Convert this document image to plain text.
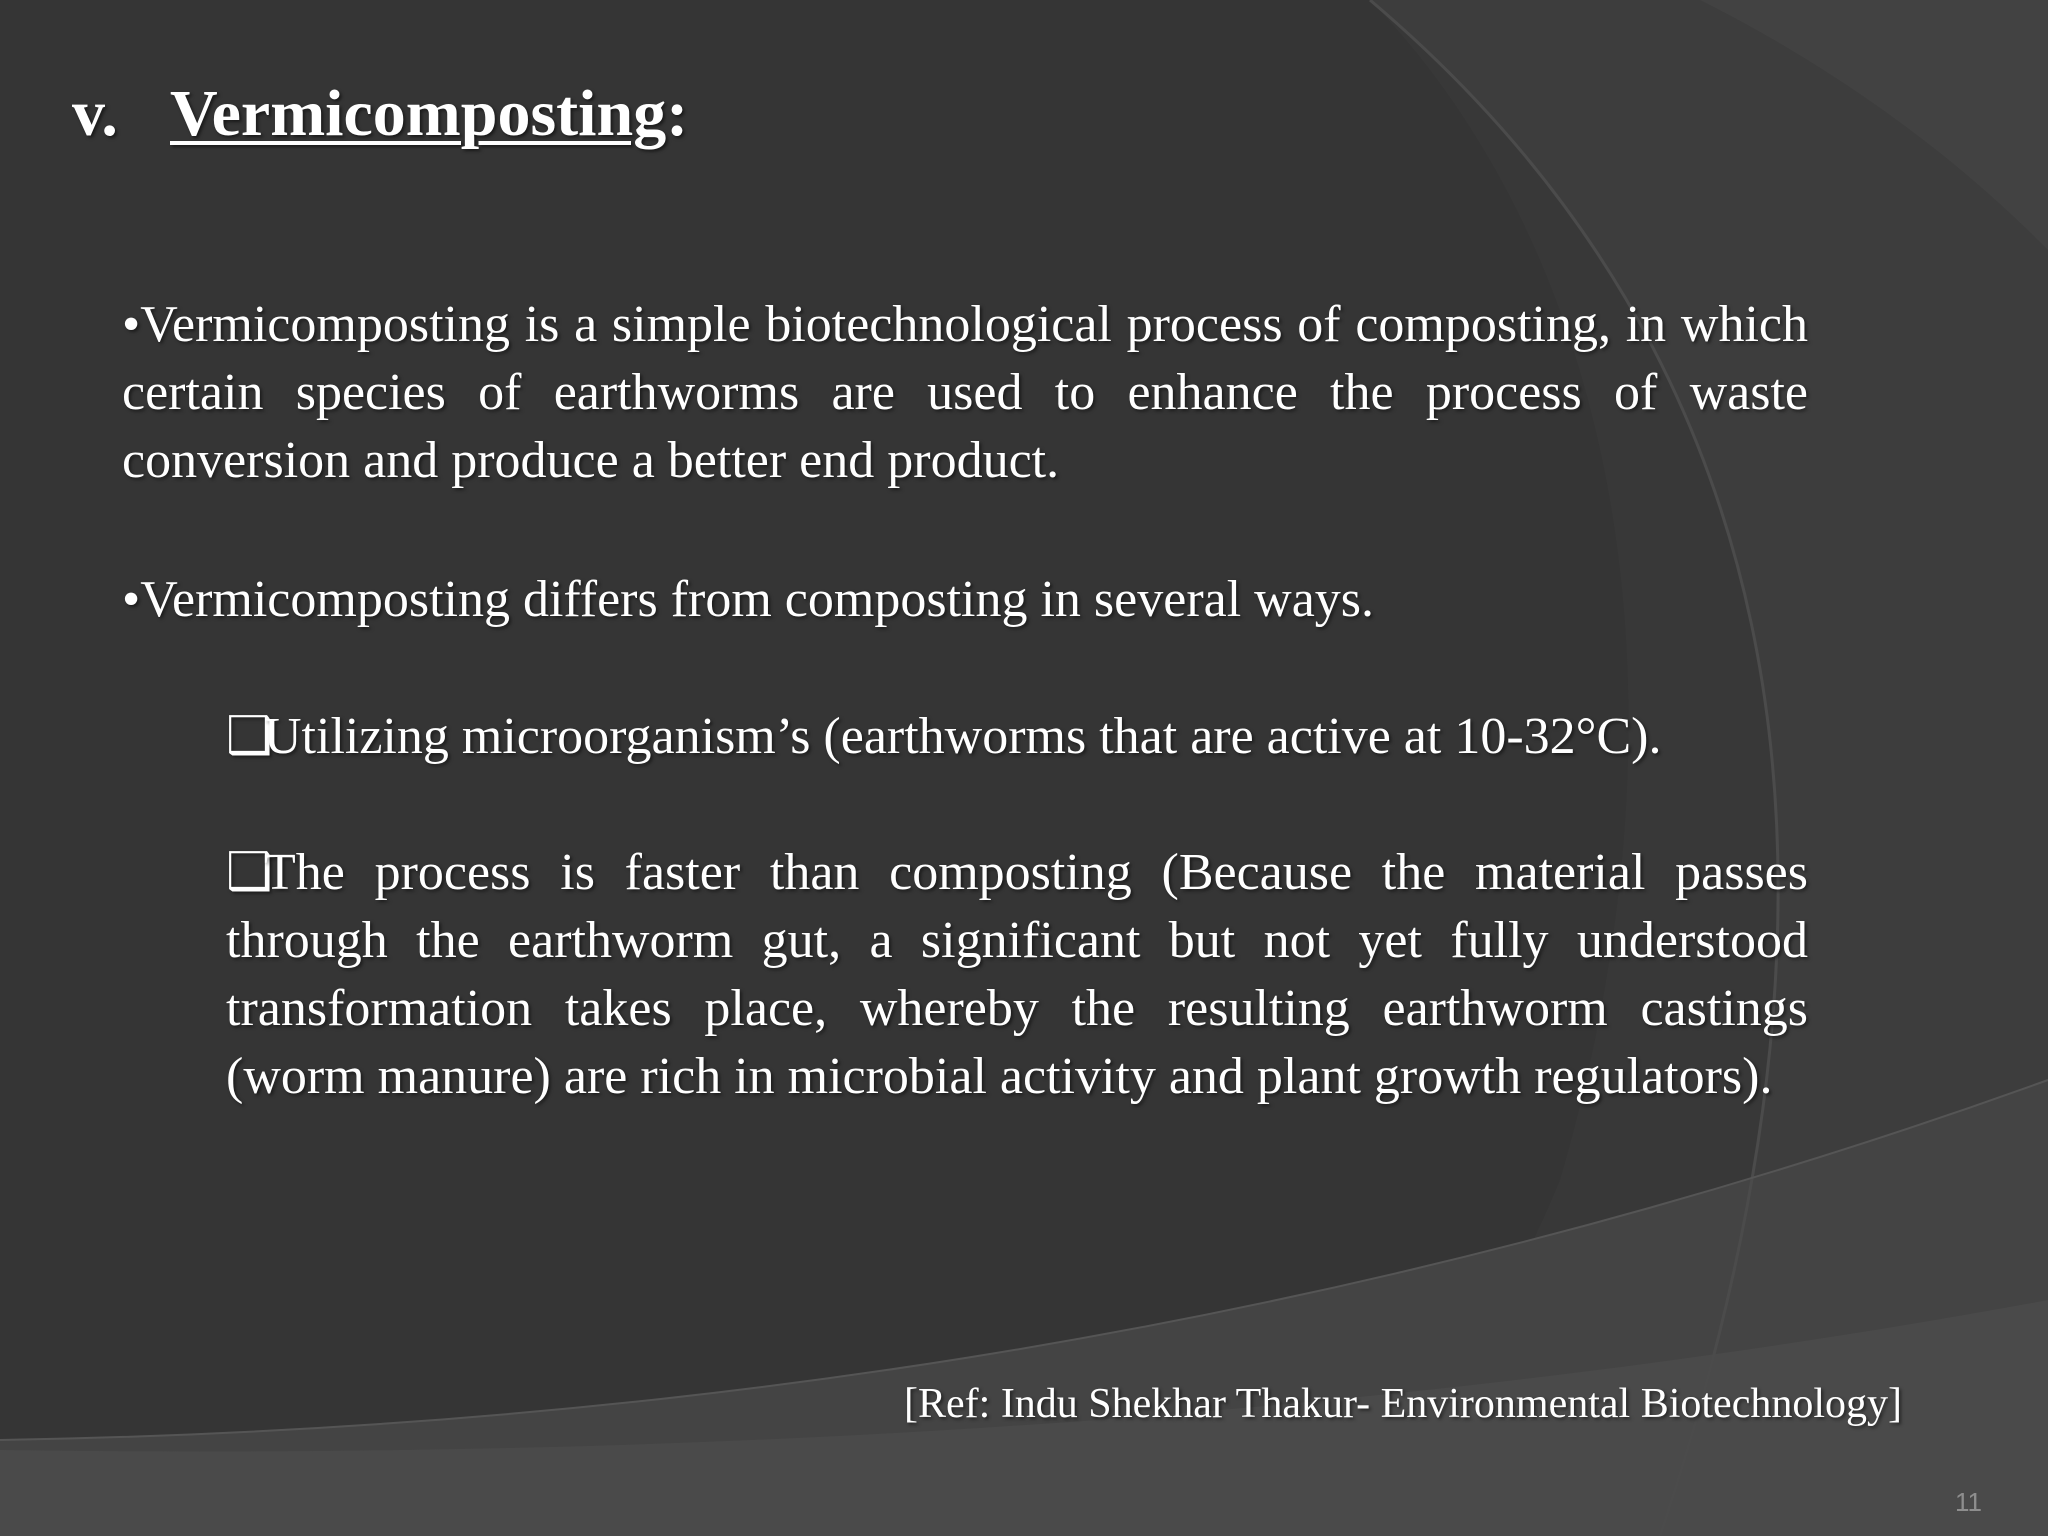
v. Vermicomposting:

•Vermicomposting is a simple biotechnological process of composting, in which certain species of earthworms are used to enhance the process of waste conversion and produce a better end product.

•Vermicomposting differs from composting in several ways.

❑Utilizing microorganism’s (earthworms that are active at 10-32°C).

❑The process is faster than composting (Because the material passes through the earthworm gut, a significant but not yet fully understood transformation takes place, whereby the resulting earthworm castings (worm manure) are rich in microbial activity and plant growth regulators).

[Ref: Indu Shekhar Thakur- Environmental Biotechnology]

11
